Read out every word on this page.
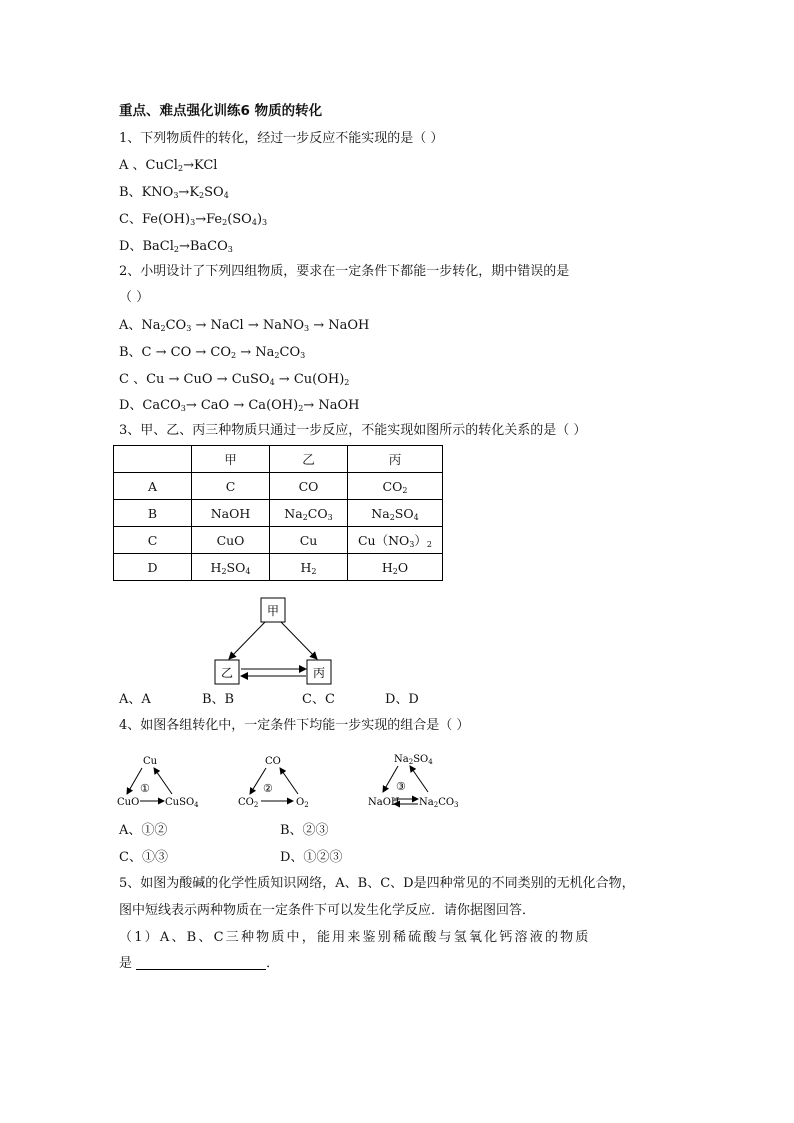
重点、难点强化训练6 物质的转化
1、下列物质件的转化，经过一步反应不能实现的是（ ）
A 、CuCl$_2$→KCl
B、$KNO_3\to K_2SO_4$
C、$Fe(OH)_3\to Fe_2(SO_4)_3$
D、BaCl$_2$→BaCO$_3$
2、小明设计了下列四组物质，要求在一定条件下都能一步转化，期中错误的是
（ ）
A、$Na_2CO_3$ → NaCl → NaNO$_3$ → NaOH
B、C → CO → $CO_2 \to Na_2CO_3$
C 、Cu → CuO → CuSO$_4$ → $Cu(OH)_2$
D、CaCO$_3$→ CaO → $Ca(OH)_2\to$ NaOH
3、甲、乙、丙三种物质只通过一步反应，不能实现如图所示的转化关系的是（ ）
	甲	乙	丙
A	C	CO	$CO_2$
B	NaOH	$Na_2CO_3$	$Na_2SO_4$
C	CuO	Cu	$Cu(NO_3)_2$
D	$H_2SO_4$	$H_2$	$H_2O$
甲
乙	丙
A、A	B、B	C、C	D、D
4、如图各组转化中，一定条件下均能一步实现的组合是（ ）
Cu
CuO	CuSO$_4$
①
CO
$CO_2$	$O_2$
②
$Na_2SO_4$
NaOH $Na_2CO_3$
③
A、①②	B、②③
C、①③	D、①②③
5、如图为酸碱的化学性质知识网络，A、B、C、D是四种常见的不同类别的无机化合物，
图中短线表示两种物质在一定条件下可以发生化学反应．请你据图回答．
（1）A、B、C三种物质中，能用来鉴别稀硫酸与氢氧化钙溶液的物质
是	．
